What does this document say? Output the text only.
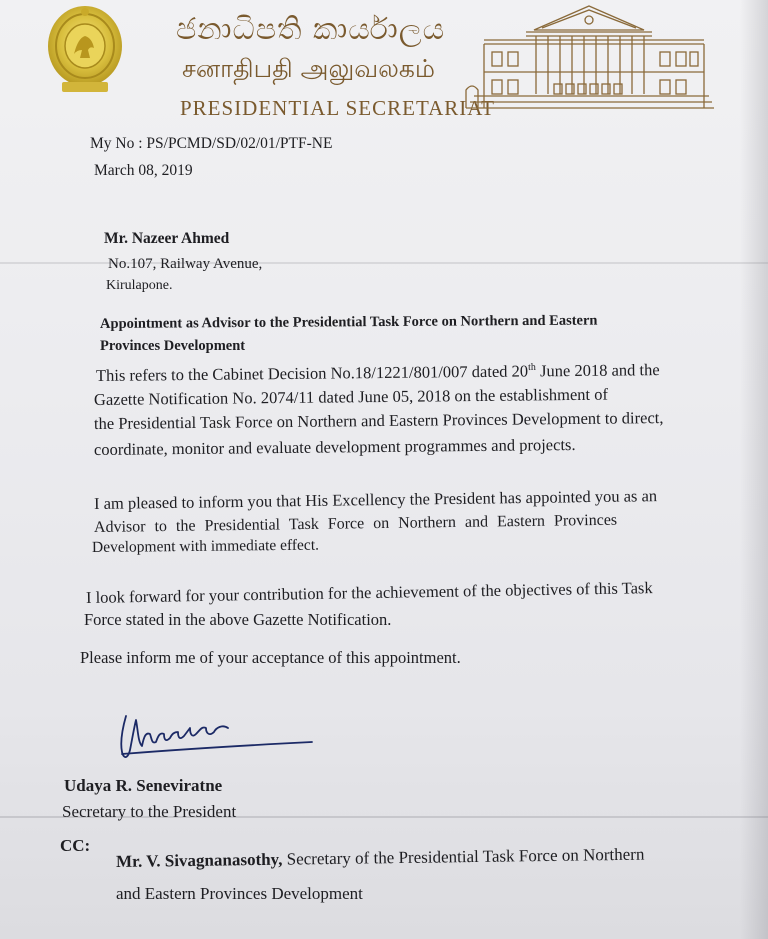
ජනාධිපති කාර්යාලය
சனாதிபதி அலுவலகம்
PRESIDENTIAL SECRETARIAT
My No : PS/PCMD/SD/02/01/PTF-NE
March 08, 2019
Mr. Nazeer Ahmed
No.107, Railway Avenue,
Kirulapone.
Appointment as Advisor to the Presidential Task Force on Northern and Eastern
Provinces Development
This refers to the Cabinet Decision No.18/1221/801/007 dated 20th June 2018 and the
Gazette Notification No. 2074/11 dated June 05, 2018 on the establishment of
the Presidential Task Force on Northern and Eastern Provinces Development to direct,
coordinate, monitor and evaluate development programmes and projects.
I am pleased to inform you that His Excellency the President has appointed you as an
Advisor to the Presidential Task Force on Northern and Eastern Provinces
Development with immediate effect.
I look forward for your contribution for the achievement of the objectives of this Task
Force stated in the above Gazette Notification.
Please inform me of your acceptance of this appointment.
Udaya R. Seneviratne
Secretary to the President
CC:
Mr. V. Sivagnanasothy, Secretary of the Presidential Task Force on Northern
and Eastern Provinces Development
